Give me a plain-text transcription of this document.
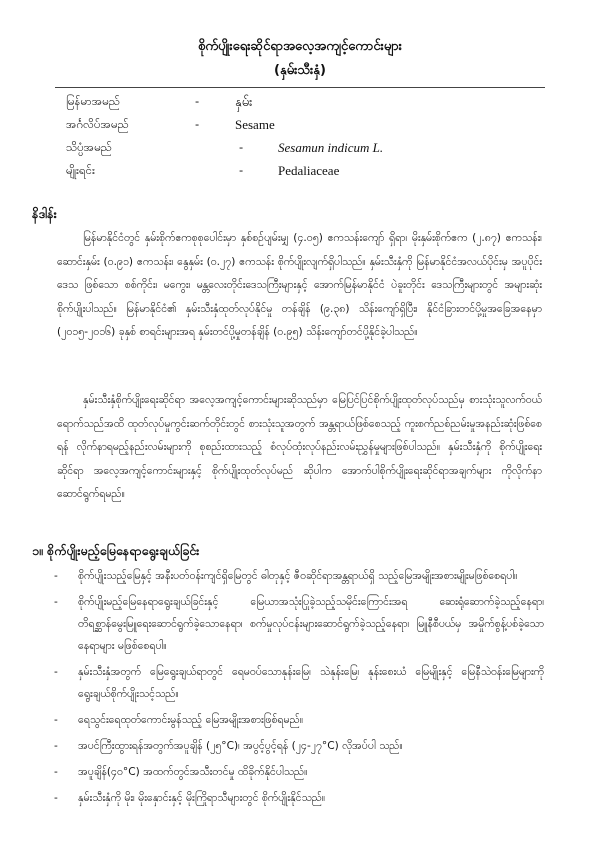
စိုက်ပျိုးရေးဆိုင်ရာအလေ့အကျင့်ကောင်းများ
(နှမ်းသီးနှံ)
မြန်မာအမည်	-	နှမ်း
အင်္ဂလိပ်အမည်	-	Sesame
သိပ္ပံအမည်	-	Sesamun indicum L.
မျိုးရင်း	-	Pedaliaceae
နိဒါန်း

မြန်မာနိုင်ငံတွင် နှမ်းစိုက်ဧကစုစုပေါင်းမှာ နှစ်စဉ်ပျမ်းမျှ (၄.၀၅) ဧကသန်းကျော် ရှိရာ၊ မိုးနှမ်းစိုက်ဧက (၂.၈၇) ဧကသန်း၊ ဆောင်းနှမ်း (၀.၉၁) ဧကသန်း၊ နွေနှမ်း (၀.၂၇) ဧကသန်း စိုက်ပျိုးလျက်ရှိပါသည်။ နှမ်းသီးနှံကို မြန်မာနိုင်ငံအလယ်ပိုင်းမှ အပူပိုင်းဒေသ ဖြစ်သော စစ်ကိုင်း၊ မကွေး၊ မန္တလေးတိုင်းဒေသကြီးများနှင့် အောက်မြန်မာနိုင်ငံ ပဲခူးတိုင်း ဒေသကြီးများတွင် အများဆုံးစိုက်ပျိုးပါသည်။ မြန်မာနိုင်ငံ၏ နှမ်းသီးနှံထုတ်လုပ်နိုင်မှု တန်ချိန် (၉.၃၈) သိန်းကျော်ရှိပြီး၊ နိုင်ငံခြားတင်ပို့မှုအခြေအနေမှာ (၂၀၁၅-၂၀၁၆) ခုနှစ် စာရင်းများအရ နှမ်းတင်ပို့မှုတန်ချိန် (၀.၉၅) သိန်းကျော်တင်ပို့နိုင်ခဲ့ပါသည်။

နှမ်းသီးနှံစိုက်ပျိုးရေးဆိုင်ရာ အလေ့အကျင့်ကောင်းများဆိုသည်မှာ မြေပြင်ပြင်စိုက်ပျိုးထုတ်လုပ်သည်မှ စားသုံးသူလက်ဝယ်ရောက်သည်အထိ ထုတ်လုပ်မှုကွင်းဆက်တိုင်းတွင် စားသုံးသူအတွက် အန္တရာယ်ဖြစ်စေသည့် ကူးစက်ညစ်ညမ်းမှုအနည်းဆုံးဖြစ်စေရန် လိုက်နာရမည့်နည်းလမ်းများကို စုစည်းထားသည့် စံလုပ်ထုံးလုပ်နည်းလမ်းညွှန်မှုများဖြစ်ပါသည်။ နှမ်းသီးနှံကို စိုက်ပျိုးရေးဆိုင်ရာ အလေ့အကျင့်ကောင်းများနှင့် စိုက်ပျိုးထုတ်လုပ်မည် ဆိုပါက အောက်ပါစိုက်ပျိုးရေးဆိုင်ရာအချက်များ ကိုလိုက်နာဆောင်ရွက်ရမည်။

၁။ စိုက်ပျိုးမည့်မြေနေရာရွေးချယ်ခြင်း
- စိုက်ပျိုးသည့်မြေနှင့် အနီးပတ်ဝန်းကျင်ရှိမြေတွင် ဓါတုနှင့် ဇီဝဆိုင်ရာအန္တရာယ်ရှိ သည့်မြေအမျိုးအစားမျိုးမဖြစ်စေရပါ။
- စိုက်ပျိုးမည့်မြေနေရာရွေးချယ်ခြင်းနှင့် မြေယာအသုံးပြုခဲ့သည့်သမိုင်းကြောင်းအရ ဆေးရုံဆောက်ခဲ့သည့်နေရာ၊ တိရစ္ဆာန်မွေးမြူရေးဆောင်ရွက်ခဲ့သောနေရာ၊ စက်မှုလုပ်ငန်းများဆောင်ရွက်ခဲ့သည့်နေရာ၊ မြူနီစီပယ်မှ အမှိုက်စွန့်ပစ်ခဲ့သောနေရာများ မဖြစ်စေရပါ။
- နှမ်းသီးနှံအတွက် မြေရွေးချယ်ရာတွင် ရေမဝပ်သောနုန်းမြေ၊ သဲနုန်းမြေ၊ နုန်းစေးယံ မြေမျိုးနှင့် မြေနီသဲဝန်းမြေများကို ရွေးချယ်စိုက်ပျိုးသင့်သည်။
- ရေသွင်းရေထုတ်ကောင်းမွန်သည့် မြေအမျိုးအစားဖြစ်ရမည်။
- အပင်ကြီးထွားရန်အတွက်အပူချိန် (၂၅°C)၊ အပွင့်ပွင့်ရန် (၂၄-၂၇°C) လိုအပ်ပါ သည်။
- အပူချိန်(၄၀°C) အထက်တွင်အသီးတင်မှု ထိခိုက်နိုင်ပါသည်။
- နှမ်းသီးနှံကို မိုး၊ မိုးနှောင်းနှင့် မိုးကြိုရာသီများတွင် စိုက်ပျိုးနိုင်သည်။
